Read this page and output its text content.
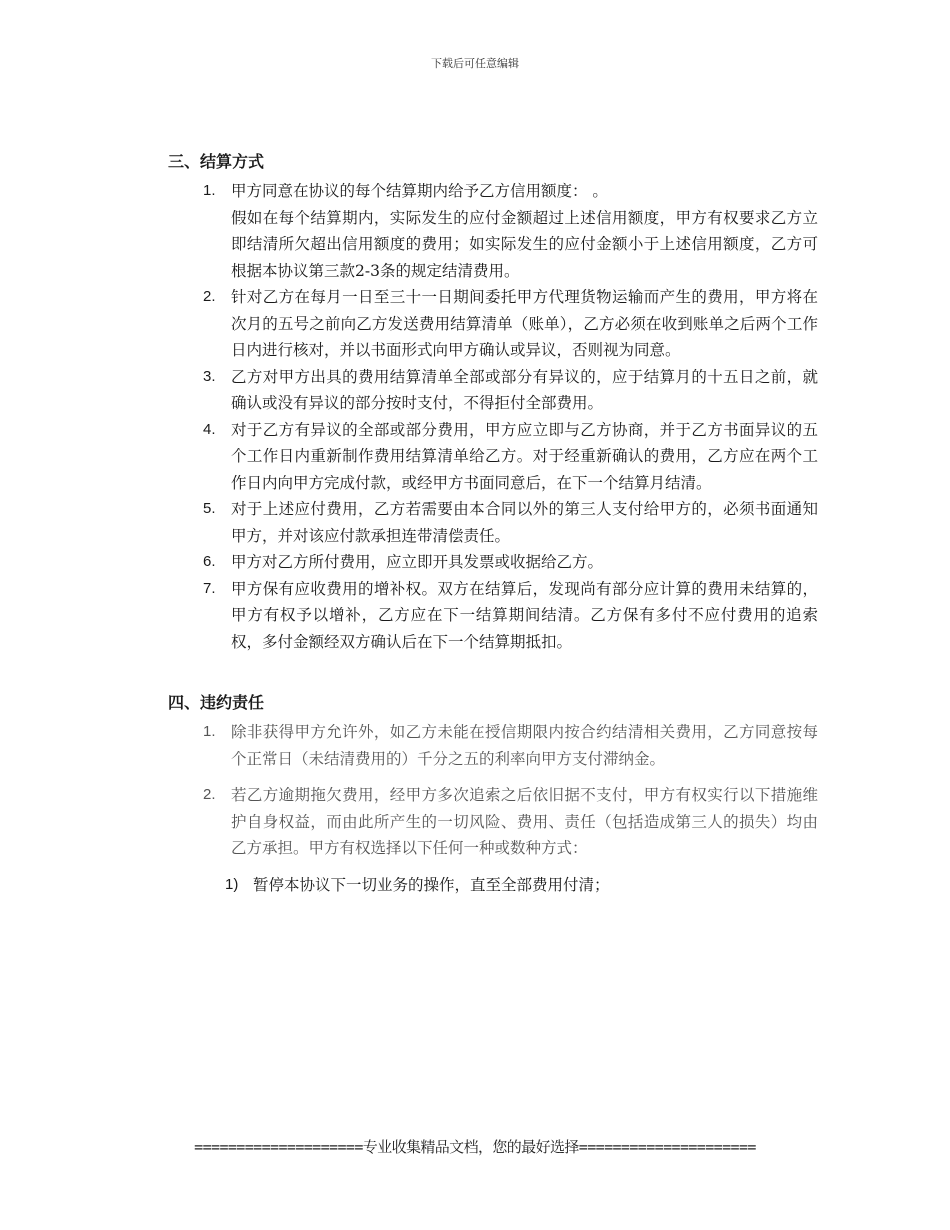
下载后可任意编辑
三、结算方式

1. 甲方同意在协议的每个结算期内给予乙方信用额度： 。

假如在每个结算期内，实际发生的应付金额超过上述信用额度，甲方有权要求乙方立即结清所欠超出信用额度的费用；如实际发生的应付金额小于上述信用额度，乙方可根据本协议第三款2-3条的规定结清费用。

2. 针对乙方在每月一日至三十一日期间委托甲方代理货物运输而产生的费用，甲方将在次月的五号之前向乙方发送费用结算清单（账单），乙方必须在收到账单之后两个工作日内进行核对，并以书面形式向甲方确认或异议，否则视为同意。

3. 乙方对甲方出具的费用结算清单全部或部分有异议的，应于结算月的十五日之前，就确认或没有异议的部分按时支付，不得拒付全部费用。

4. 对于乙方有异议的全部或部分费用，甲方应立即与乙方协商，并于乙方书面异议的五个工作日内重新制作费用结算清单给乙方。对于经重新确认的费用，乙方应在两个工作日内向甲方完成付款，或经甲方书面同意后，在下一个结算月结清。

5. 对于上述应付费用，乙方若需要由本合同以外的第三人支付给甲方的，必须书面通知甲方，并对该应付款承担连带清偿责任。

6. 甲方对乙方所付费用，应立即开具发票或收据给乙方。

7. 甲方保有应收费用的增补权。双方在结算后，发现尚有部分应计算的费用未结算的，甲方有权予以增补，乙方应在下一结算期间结清。乙方保有多付不应付费用的追索权，多付金额经双方确认后在下一个结算期抵扣。

四、违约责任

1. 除非获得甲方允许外，如乙方未能在授信期限内按合约结清相关费用，乙方同意按每个正常日（未结清费用的）千分之五的利率向甲方支付滞纳金。

2. 若乙方逾期拖欠费用，经甲方多次追索之后依旧据不支付，甲方有权实行以下措施维护自身权益，而由此所产生的一切风险、费用、责任（包括造成第三人的损失）均由乙方承担。甲方有权选择以下任何一种或数种方式：

1) 暂停本协议下一切业务的操作，直至全部费用付清；

====================专业收集精品文档，您的最好选择=====================
